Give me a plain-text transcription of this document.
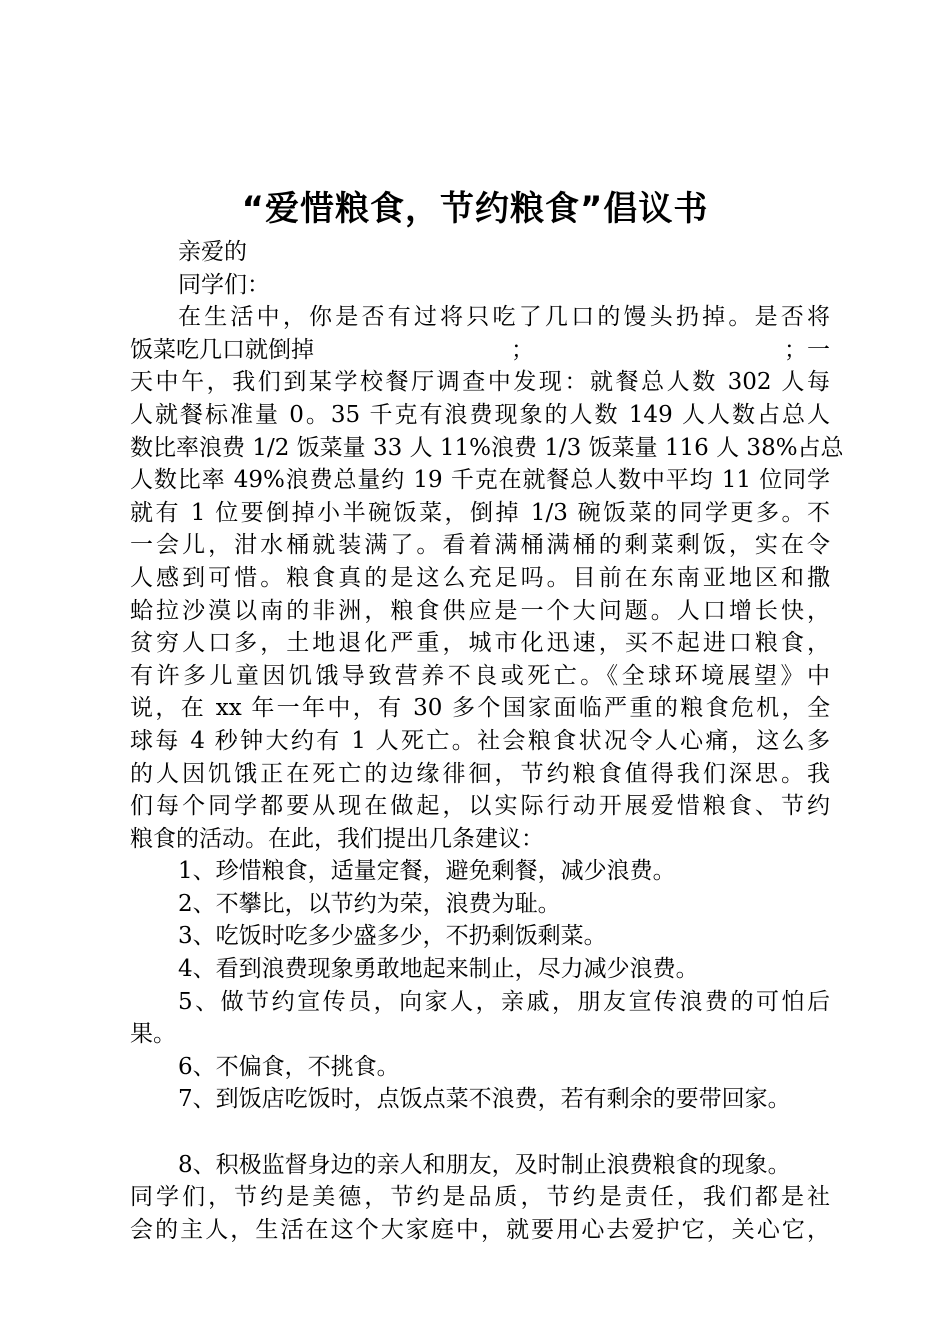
“爱惜粮食，节约粮食”倡议书
亲爱的
同学们：
在生活中，你是否有过将只吃了几口的馒头扔掉。是否将
饭菜吃几口就倒掉	；	；一
天中午，我们到某学校餐厅调查中发现：就餐总人数 302 人每
人就餐标准量 0。35 千克有浪费现象的人数 149 人人数占总人
数比率浪费 1/2 饭菜量 33 人 11%浪费 1/3 饭菜量 116 人 38%占总
人数比率 49%浪费总量约 19 千克在就餐总人数中平均 11 位同学
就有 1 位要倒掉小半碗饭菜，倒掉 1/3 碗饭菜的同学更多。不
一会儿，泔水桶就装满了。看着满桶满桶的剩菜剩饭，实在令
人感到可惜。粮食真的是这么充足吗。目前在东南亚地区和撒
蛤拉沙漠以南的非洲，粮食供应是一个大问题。人口增长快，
贫穷人口多，土地退化严重，城市化迅速，买不起进口粮食，
有许多儿童因饥饿导致营养不良或死亡。《全球环境展望》中
说，在 xx 年一年中，有 30 多个国家面临严重的粮食危机，全
球每 4 秒钟大约有 1 人死亡。社会粮食状况令人心痛，这么多
的人因饥饿正在死亡的边缘徘徊，节约粮食值得我们深思。我
们每个同学都要从现在做起，以实际行动开展爱惜粮食、节约
粮食的活动。在此，我们提出几条建议：
1、珍惜粮食，适量定餐，避免剩餐，减少浪费。
2、不攀比，以节约为荣，浪费为耻。
3、吃饭时吃多少盛多少，不扔剩饭剩菜。
4、看到浪费现象勇敢地起来制止，尽力减少浪费。
5、做节约宣传员，向家人，亲戚，朋友宣传浪费的可怕后
果。
6、不偏食，不挑食。
7、到饭店吃饭时，点饭点菜不浪费，若有剩余的要带回家。
8、积极监督身边的亲人和朋友，及时制止浪费粮食的现象。
同学们，节约是美德，节约是品质，节约是责任，我们都是社
会的主人，生活在这个大家庭中，就要用心去爱护它，关心它，
